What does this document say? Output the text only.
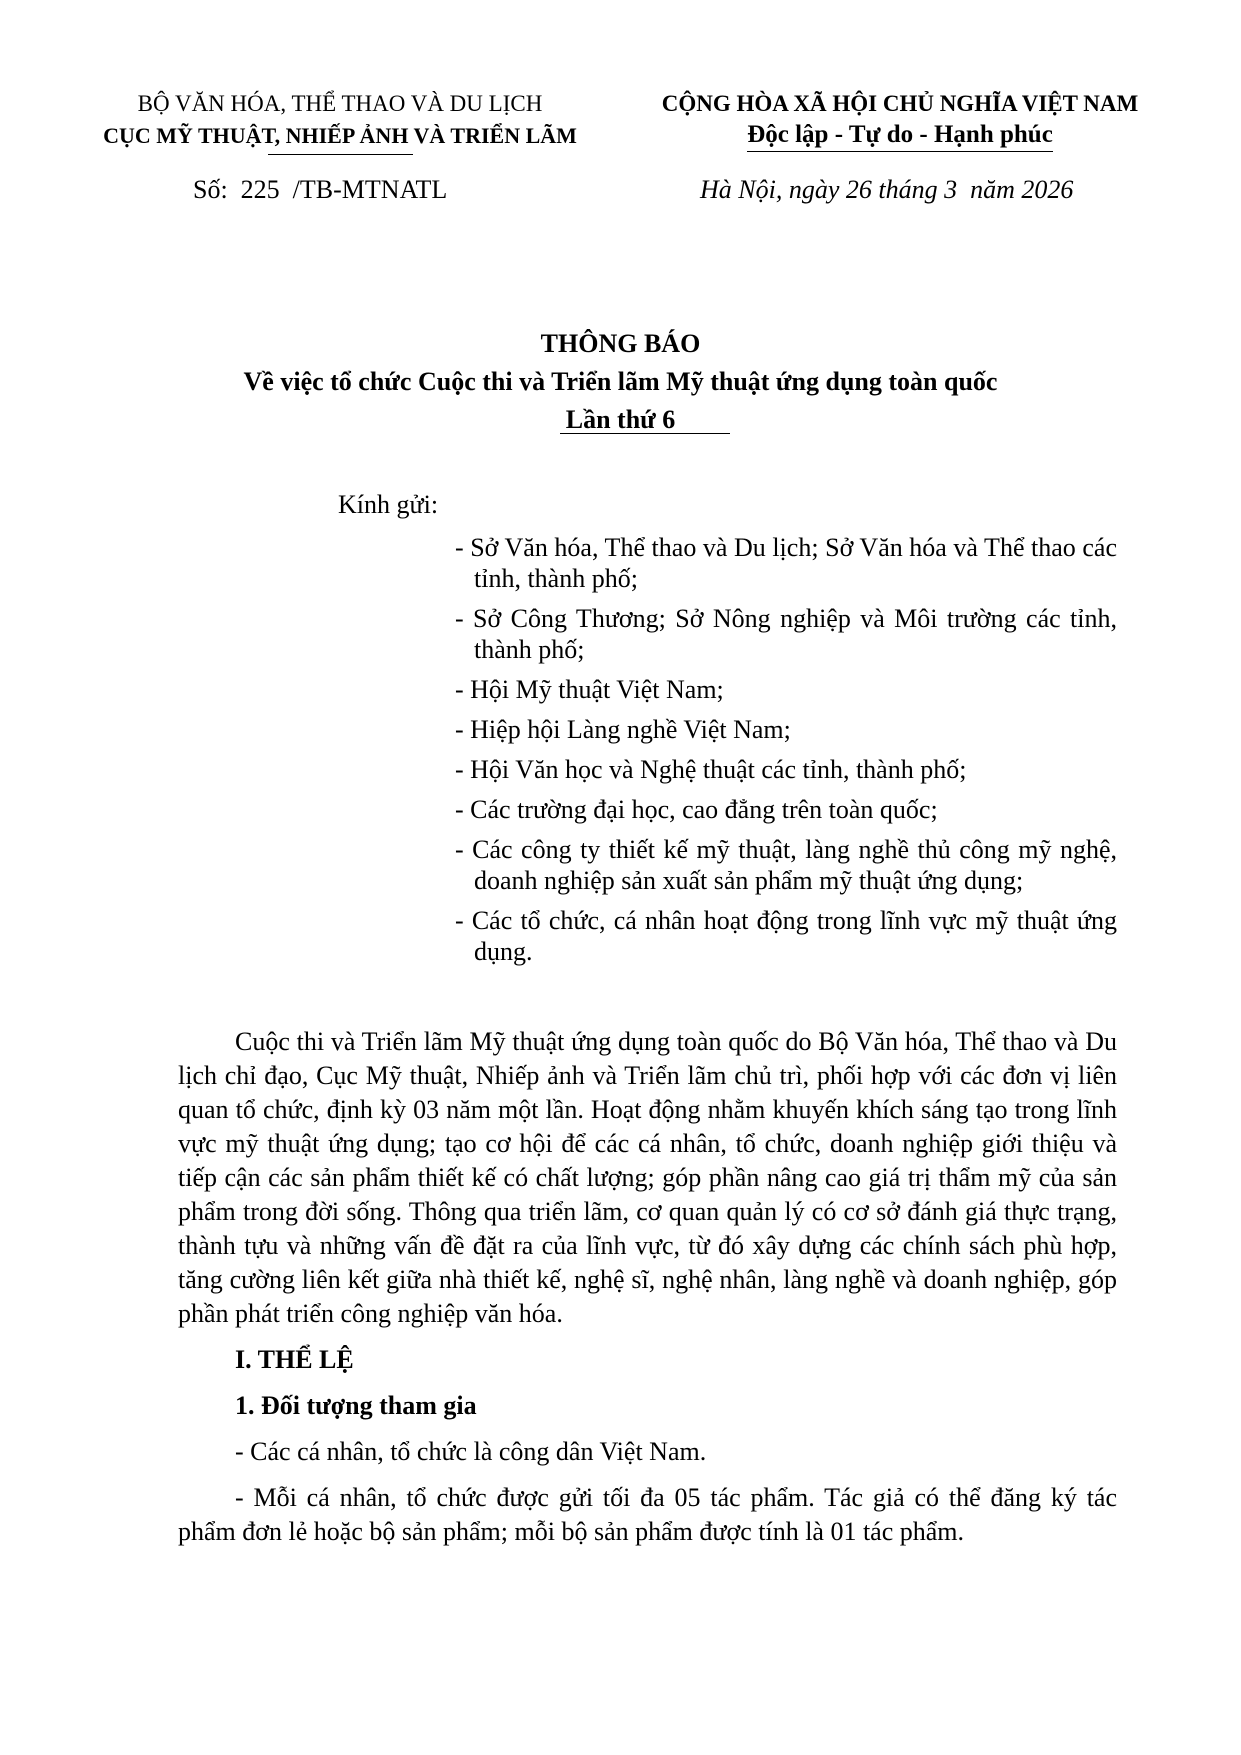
BỘ VĂN HÓA, THỂ THAO VÀ DU LỊCH
CỤC MỸ THUẬT, NHIẾP ẢNH VÀ TRIỂN LÃM
CỘNG HÒA XÃ HỘI CHỦ NGHĨA VIỆT NAM
Độc lập - Tự do - Hạnh phúc
Số:  225  /TB-MTNATL	Hà Nội, ngày 26 tháng 3  năm 2026
THÔNG BÁO
Về việc tổ chức Cuộc thi và Triển lãm Mỹ thuật ứng dụng toàn quốc
Lần thứ 6
Kính gửi:
- Sở Văn hóa, Thể thao và Du lịch; Sở Văn hóa và Thể thao các tỉnh, thành phố;
- Sở Công Thương; Sở Nông nghiệp và Môi trường các tỉnh, thành phố;
- Hội Mỹ thuật Việt Nam;
- Hiệp hội Làng nghề Việt Nam;
- Hội Văn học và Nghệ thuật các tỉnh, thành phố;
- Các trường đại học, cao đẳng trên toàn quốc;
- Các công ty thiết kế mỹ thuật, làng nghề thủ công mỹ nghệ, doanh nghiệp sản xuất sản phẩm mỹ thuật ứng dụng;
- Các tổ chức, cá nhân hoạt động trong lĩnh vực mỹ thuật ứng dụng.

Cuộc thi và Triển lãm Mỹ thuật ứng dụng toàn quốc do Bộ Văn hóa, Thể thao và Du lịch chỉ đạo, Cục Mỹ thuật, Nhiếp ảnh và Triển lãm chủ trì, phối hợp với các đơn vị liên quan tổ chức, định kỳ 03 năm một lần. Hoạt động nhằm khuyến khích sáng tạo trong lĩnh vực mỹ thuật ứng dụng; tạo cơ hội để các cá nhân, tổ chức, doanh nghiệp giới thiệu và tiếp cận các sản phẩm thiết kế có chất lượng; góp phần nâng cao giá trị thẩm mỹ của sản phẩm trong đời sống. Thông qua triển lãm, cơ quan quản lý có cơ sở đánh giá thực trạng, thành tựu và những vấn đề đặt ra của lĩnh vực, từ đó xây dựng các chính sách phù hợp, tăng cường liên kết giữa nhà thiết kế, nghệ sĩ, nghệ nhân, làng nghề và doanh nghiệp, góp phần phát triển công nghiệp văn hóa.

I. THỂ LỆ

1. Đối tượng tham gia

- Các cá nhân, tổ chức là công dân Việt Nam.

- Mỗi cá nhân, tổ chức được gửi tối đa 05 tác phẩm. Tác giả có thể đăng ký tác phẩm đơn lẻ hoặc bộ sản phẩm; mỗi bộ sản phẩm được tính là 01 tác phẩm.
